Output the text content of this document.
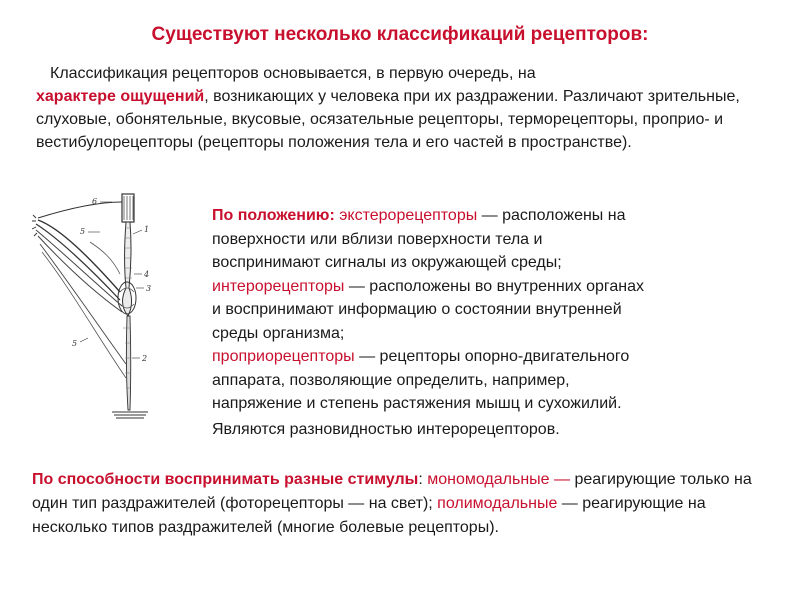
Существуют несколько классификаций рецепторов:
Классификация рецепторов основывается, в первую очередь, на
характере ощущений, возникающих у человека при их раздражении. Различают зрительные, слуховые, обонятельные, вкусовые, осязательные рецепторы, терморецепторы, проприо- и вестибулорецепторы (рецепторы положения тела и его частей в пространстве).
6
5	1
4
3
5
2
По положению: экстерорецепторы — расположены на
поверхности или вблизи поверхности тела и
воспринимают сигналы из окружающей среды;
интерорецепторы — расположены во внутренних органах
и воспринимают информацию о состоянии внутренней
среды организма;
проприорецепторы — рецепторы опорно-двигательного
аппарата, позволяющие определить, например,
напряжение и степень растяжения мышц и сухожилий.
Являются разновидностью интерорецепторов.
По способности воспринимать разные стимулы: мономодальные — реагирующие только на один тип раздражителей (фоторецепторы — на свет); полимодальные — реагирующие на несколько типов раздражителей (многие болевые рецепторы).
